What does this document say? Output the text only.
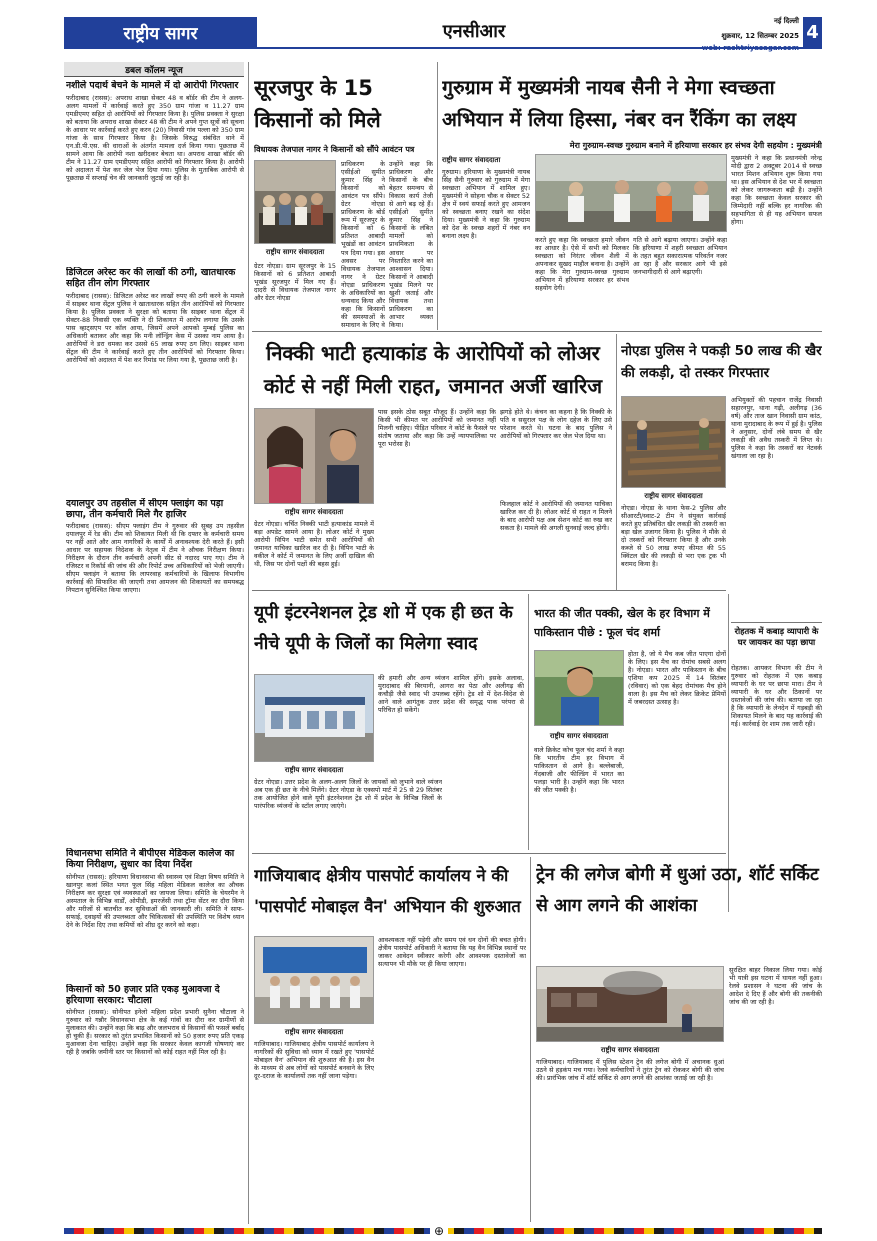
राष्ट्रीय सागर	एनसीआर	नई दिल्ली
शुक्रवार, 12 सितम्बर 2025 4
डबल कॉलम न्यूज
नशीले पदार्थ बेचने के मामले में दो आरोपी गिरफ्तार
फरीदाबाद (रासस): अपराध शाखा सेक्टर 48 व बॉर्डर की टीम ने अलग-अलग मामलों में कार्रवाई करते हुए 350 ग्राम गांजा व 11.27 ग्राम एमडीएमए सहित दो आरोपियों को गिरफ्तार किया है। पुलिस प्रवक्ता ने सुरक्षा को बताया कि अपराध शाखा सेक्टर 48 की टीम ने अपने गुप्त सूत्रों को सूचना के आधार पर कार्रवाई करते हुए करन (20) निवासी गांव पल्ला को 350 ग्राम गांजा के साथ गिरफ्तार किया है। जिसके विरुद्ध संबंधित थाने में एन.डी.पी.एस. की धाराओं के अंतर्गत मामला दर्ज किया गया। पूछताछ में सामने आया कि आरोपी नशा खरीदकर बेचता था। अपराध शाखा बॉर्डर की टीम ने 11.27 ग्राम एमडीएमए सहित आरोपी को गिरफ्तार किया है। आरोपी को अदालत में पेश कर जेल भेज दिया गया। पुलिस के मुताबिक आरोपी से पूछताछ में सप्लाई चेन की जानकारी जुटाई जा रही है।
डिजिटल अरेस्ट कर की लाखों की ठगी, खातधारक सहित तीन लोग गिरफ्तार
फरीदाबाद (रासस): डिजिटल अरेस्ट कर लाखों रुपए की ठगी करने के मामले में साइबर थाना सेंट्रल पुलिस ने खाताधारक सहित तीन आरोपियों को गिरफ्तार किया है। पुलिस प्रवक्ता ने सुरक्षा को बताया कि साइबर थाना सेंट्रल में सेक्टर-88 निवासी एक व्यक्ति ने दी शिकायत में आरोप लगाया कि उसके पास व्हाट्सएप पर कॉल आया, जिसमें अपने आपको मुम्बई पुलिस का अधिकारी बताकर और कहा कि मनी लॉन्ड्रिंग केस में उसका नाम आया है। आरोपियों ने डरा धमका कर उससे 65 लाख रुपए ठग लिए। साइबर थाना सेंट्रल की टीम ने कार्रवाई करते हुए तीन आरोपियों को गिरफ्तार किया। आरोपियों को अदालत में पेश कर रिमांड पर लिया गया है, पूछताछ जारी है।
दयालपुर उप तहसील में सीएम फ्लाइंग का पड़ा छापा, तीन कर्मचारी मिले गैर हाजिर
फरीदाबाद (रासस): सीएम फ्लाइंग टीम ने गुरुवार की सुबह उप तहसील दयालपुर में रेड की। टीम को शिकायत मिली थी कि दफ्तर के कर्मचारी समय पर नहीं आते और आम नागरिकों के कार्यों में अनावश्यक देरी करते हैं। इसी आधार पर सहायक निदेशक के नेतृत्व में टीम ने औचक निरीक्षण किया। निरीक्षण के दौरान तीन कर्मचारी अपनी सीट से नदारद पाए गए। टीम ने रजिस्टर व रिकॉर्ड की जांच की और रिपोर्ट उच्च अधिकारियों को भेजी जाएगी। सीएम फ्लाइंग ने बताया कि लापरवाह कर्मचारियों के खिलाफ विभागीय कार्रवाई की सिफारिश की जाएगी तथा आमजन की शिकायतों का समयबद्ध निपटान सुनिश्चित किया जाएगा।
विधानसभा समिति ने बीपीएस मेडिकल कालेज का किया निरीक्षण, सुधार का दिया निर्देश
सोनीपत (रासस): हरियाणा विधानसभा की स्वास्थ्य एवं शिक्षा विषय समिति ने खानपुर कलां स्थित भगत फूल सिंह महिला मेडिकल कालेज का औचक निरीक्षण कर सुरक्षा एवं व्यवस्थाओं का जायजा लिया। समिति के चेयरमैन ने अस्पताल के विभिन्न वार्डों, ओपीडी, इमरजेंसी तथा ट्रॉमा सेंटर का दौरा किया और मरीजों से बातचीत कर सुविधाओं की जानकारी ली। समिति ने साफ-सफाई, दवाइयों की उपलब्धता और चिकित्सकों की उपस्थिति पर विशेष ध्यान देने के निर्देश दिए तथा कमियों को शीघ्र दूर करने को कहा।
किसानों को 50 हजार प्रति एकड़ मुआवजा दे हरियाणा सरकार: चौटाला
सोनीपत (रासस): सोनीपत इनेलो महिला प्रदेश प्रभारी सुनैना चौटाला ने गुरुवार को गन्नौर विधानसभा क्षेत्र के कई गांवों का दौरा कर ग्रामीणों से मुलाकात की। उन्होंने कहा कि बाढ़ और जलभराव से किसानों की फसलें बर्बाद हो चुकी हैं। सरकार को तुरंत प्रभावित किसानों को 50 हजार रुपए प्रति एकड़ मुआवजा देना चाहिए। उन्होंने कहा कि सरकार केवल कागजी घोषणाएं कर रही है जबकि जमीनी स्तर पर किसानों को कोई राहत नहीं मिल रही है।
सूरजपुर के 15 किसानों को मिले
विधायक तेजपाल नागर ने किसानों को सौंपे आवंटन पत्र
राष्ट्रीय सागर संवाददाता
ग्रेटर नोएडा। ग्राम सूरजपुर के 15 किसानों को 6 प्रतिशत आबादी भूखंड सूरजपुर में मिल गए हैं। दादरी से विधायक तेजपाल नागर और ग्रेटर नोएडा
प्राधिकरण के एसीईओ सुमीत कुमार सिंह ने किसानों को आवंटन पत्र सौंपे। ग्रेटर नोएडा प्राधिकरण के बोर्ड रूम में सूरजपुर के किसानों को 6 प्रतिशत आबादी भूखंडों का आवंटन पत्र दिया गया। इस अवसर पर विधायक तेजपाल नागर ने ग्रेटर नोएडा प्राधिकरण के अधिकारियों का धन्यवाद किया और कहा कि किसानों की समस्याओं के समाधान के लिए वे
उन्होंने कहा कि प्राधिकरण और किसानों के बीच बेहतर समन्वय से विकास कार्य तेजी से आगे बढ़ रहे हैं। एसीईओ सुमीत कुमार सिंह ने किसानों के लंबित मामलों को प्राथमिकता के आधार पर निस्तारित करने का आश्वासन दिया। किसानों ने आबादी भूखंड मिलने पर खुशी जताई और विधायक तथा प्राधिकरण का आभार व्यक्त किया।
गुरुग्राम में मुख्यमंत्री नायब सैनी ने मेगा स्वच्छता अभियान में लिया हिस्सा, नंबर वन रैंकिंग का लक्ष्य
मेरा गुरुग्राम-स्वच्छ गुरुग्राम बनाने में हरियाणा सरकार हर संभव देगी सहयोग : मुख्यमंत्री
राष्ट्रीय सागर संवाददाता
गुरुग्राम। हरियाणा के मुख्यमंत्री नायब सिंह सैनी गुरुवार को गुरुग्राम में मेगा स्वच्छता अभियान में शामिल हुए। मुख्यमंत्री ने सोहना चौक व सेक्टर 52 क्षेत्र में स्वयं सफाई करते हुए आमजन को स्वच्छता बनाए रखने का संदेश दिया। मुख्यमंत्री ने कहा कि गुरुग्राम को देश के स्वच्छ शहरों में नंबर वन बनाना लक्ष्य है।	करते हुए कहा कि स्वच्छता हमारे जीवन का आधार है। ऐसे में सभी को मिलकर स्वच्छता को निरंतर जीवन शैली में अपनाकर सुखद माहौल बनाना है। उन्होंने कहा कि मेरा गुरुग्राम-स्वच्छ गुरुग्राम अभियान में हरियाणा सरकार हर संभव सहयोग देगी।
गति से आगे बढ़ाया जाएगा। उन्होंने कहा कि हरियाणा में शहरी स्वच्छता अभियान के तहत बहुत सकारात्मक परिवर्तन नजर आ रहा है और सरकार आगे भी इसे जनभागीदारी से आगे बढ़ाएगी।
मुख्यमंत्री ने कहा कि प्रधानमंत्री नरेन्द्र मोदी द्वारा 2 अक्टूबर 2014 से स्वच्छ भारत मिशन अभियान शुरू किया गया था। इस अभियान से देश भर में स्वच्छता को लेकर जागरूकता बढ़ी है। उन्होंने कहा कि स्वच्छता केवल सरकार की जिम्मेदारी नहीं बल्कि हर नागरिक की सहभागिता से ही यह अभियान सफल होगा।
निक्की भाटी हत्याकांड के आरोपियों को लोअर कोर्ट से नहीं मिली राहत, जमानत अर्जी खारिज
राष्ट्रीय सागर संवाददाता
ग्रेटर नोएडा। चर्चित निक्की भाटी हत्याकांड मामले में बड़ा अपडेट सामने आया है। लोअर कोर्ट ने मुख्य आरोपी विपिन भाटी समेत सभी आरोपियों की जमानत याचिका खारिज कर दी है। विपिन भाटी के वकील ने कोर्ट में जमानत के लिए अर्जी दाखिल की थी, जिस पर दोनों पक्षों की बहस हुई।
पास इसके ठोस सबूत मौजूद हैं। उन्होंने कहा कि किसी भी कीमत पर आरोपियों को जमानत नहीं मिलनी चाहिए। पीड़ित परिवार ने कोर्ट के फैसले पर संतोष जताया और कहा कि उन्हें न्यायपालिका पर पूरा भरोसा है।
झगड़े होते थे। कंचन का कहना है कि निक्की के पति व ससुराल पक्ष के लोग दहेज के लिए उसे परेशान करते थे। घटना के बाद पुलिस ने आरोपियों को गिरफ्तार कर जेल भेज दिया था।
फिलहाल कोर्ट ने आरोपियों की जमानत याचिका खारिज कर दी है। लोअर कोर्ट से राहत न मिलने के बाद आरोपी पक्ष अब सेशन कोर्ट का रुख कर सकता है। मामले की अगली सुनवाई जल्द होगी।
नोएडा पुलिस ने पकड़ी 50 लाख की खैर की लकड़ी, दो तस्कर गिरफ्तार
राष्ट्रीय सागर संवाददाता
नोएडा। नोएडा के थाना फेस-2 पुलिस और सीआरटी/स्वाट-2 टीम ने संयुक्त कार्रवाई करते हुए प्रतिबंधित खैर लकड़ी की तस्करी का बड़ा खेल उजागर किया है। पुलिस ने मौके से दो तस्करों को गिरफ्तार किया है और उनके कब्जे से 50 लाख रुपए कीमत की 55 क्विंटल खैर की लकड़ी से भरा एक ट्रक भी बरामद किया है।
अभियुक्तों की पहचान राजेंद्र निवासी सहारनपुर, थाना गढ़ी, अलीगढ़ (36 वर्ष) और ताज खान निवासी ग्राम कांठ, थाना मुरादाबाद के रूप में हुई है। पुलिस ने अनुसार, दोनों लंबे समय से खैर लकड़ी की अवैध तस्करी में लिप्त थे। पुलिस ने कहा कि तस्करों का नेटवर्क खंगाला जा रहा है।
रोहतक में कबाड़ व्यापारी के घर जायकर का पड़ा छापा
रोहतक। आयकर विभाग की टीम ने गुरुवार को रोहतक में एक कबाड़ व्यापारी के घर पर छापा मारा। टीम ने व्यापारी के घर और ठिकानों पर दस्तावेजों की जांच की। बताया जा रहा है कि व्यापारी के लेनदेन में गड़बड़ी की शिकायत मिलने के बाद यह कार्रवाई की गई। कार्रवाई देर शाम तक जारी रही।
यूपी इंटरनेशनल ट्रेड शो में एक ही छत के नीचे यूपी के जिलों का मिलेगा स्वाद
राष्ट्रीय सागर संवाददाता
ग्रेटर नोएडा। उत्तर प्रदेश के अलग-अलग जिलों के जायकों को लुभाने वाले व्यंजन अब एक ही छत के नीचे मिलेंगे। ग्रेटर नोएडा के एक्सपो मार्ट में 25 से 29 सितंबर तक आयोजित होने वाले यूपी इंटरनेशनल ट्रेड शो में प्रदेश के विभिन्न जिलों के पारंपरिक व्यंजनों के स्टॉल लगाए जाएंगे।
की हमारी और अन्य व्यंजन शामिल होंगे। इसके अलावा, मुरादाबाद की बिरयानी, आगरा का पेठा और अलीगढ़ की कचौड़ी जैसे स्वाद भी उपलब्ध रहेंगे। ट्रेड शो में देश-विदेश से आने वाले आगंतुक उत्तर प्रदेश की समृद्ध पाक परंपरा से परिचित हो सकेंगे।
भारत की जीत पक्की, खेल के हर विभाग में पाकिस्तान पीछे : फूल चंद शर्मा
राष्ट्रीय सागर संवाददाता
होता है, जो ये मैच कब जीत पाएगा दोनों के लिए। इस मैच का रोमांच सबसे अलग है। नोएडा। भारत और पाकिस्तान के बीच एशिया कप 2025 में 14 सितंबर (रविवार) को एक बेहद रोमांचक मैच होने वाला है। इस मैच को लेकर क्रिकेट प्रेमियों में जबरदस्त उत्साह है।
वाले क्रिकेट कोच फूल चंद शर्मा ने कहा कि भारतीय टीम हर विभाग में पाकिस्तान से आगे है। बल्लेबाजी, गेंदबाजी और फील्डिंग में भारत का पलड़ा भारी है। उन्होंने कहा कि भारत की जीत पक्की है।
गाजियाबाद क्षेत्रीय पासपोर्ट कार्यालय ने की 'पासपोर्ट मोबाइल वैन' अभियान की शुरुआत
राष्ट्रीय सागर संवाददाता
गाजियाबाद। गाजियाबाद क्षेत्रीय पासपोर्ट कार्यालय ने नागरिकों की सुविधा को ध्यान में रखते हुए 'पासपोर्ट मोबाइल वैन' अभियान की शुरुआत की है। इस वैन के माध्यम से अब लोगों को पासपोर्ट बनवाने के लिए दूर-दराज के कार्यालयों तक नहीं जाना पड़ेगा।
आवश्यकता नहीं पड़ेगी और समय एवं धन दोनों की बचत होगी। क्षेत्रीय पासपोर्ट अधिकारी ने बताया कि यह वैन विभिन्न स्थानों पर जाकर आवेदन स्वीकार करेगी और आवश्यक दस्तावेजों का सत्यापन भी मौके पर ही किया जाएगा।
ट्रेन की लगेज बोगी में धुआं उठा, शॉर्ट सर्किट से आग लगने की आशंका
राष्ट्रीय सागर संवाददाता
गाजियाबाद। गाजियाबाद में पुलिस स्टेशन ट्रेन की लगेज बोगी में अचानक धुआं उठने से हड़कंप मच गया। रेलवे कर्मचारियों ने तुरंत ट्रेन को रोककर बोगी की जांच की। प्रारंभिक जांच में शॉर्ट सर्किट से आग लगने की आशंका जताई जा रही है।
सुरक्षित बाहर निकाल लिया गया। कोई भी यात्री इस घटना में घायल नहीं हुआ। रेलवे प्रशासन ने घटना की जांच के आदेश दे दिए हैं और बोगी की तकनीकी जांच की जा रही है।
⊕
